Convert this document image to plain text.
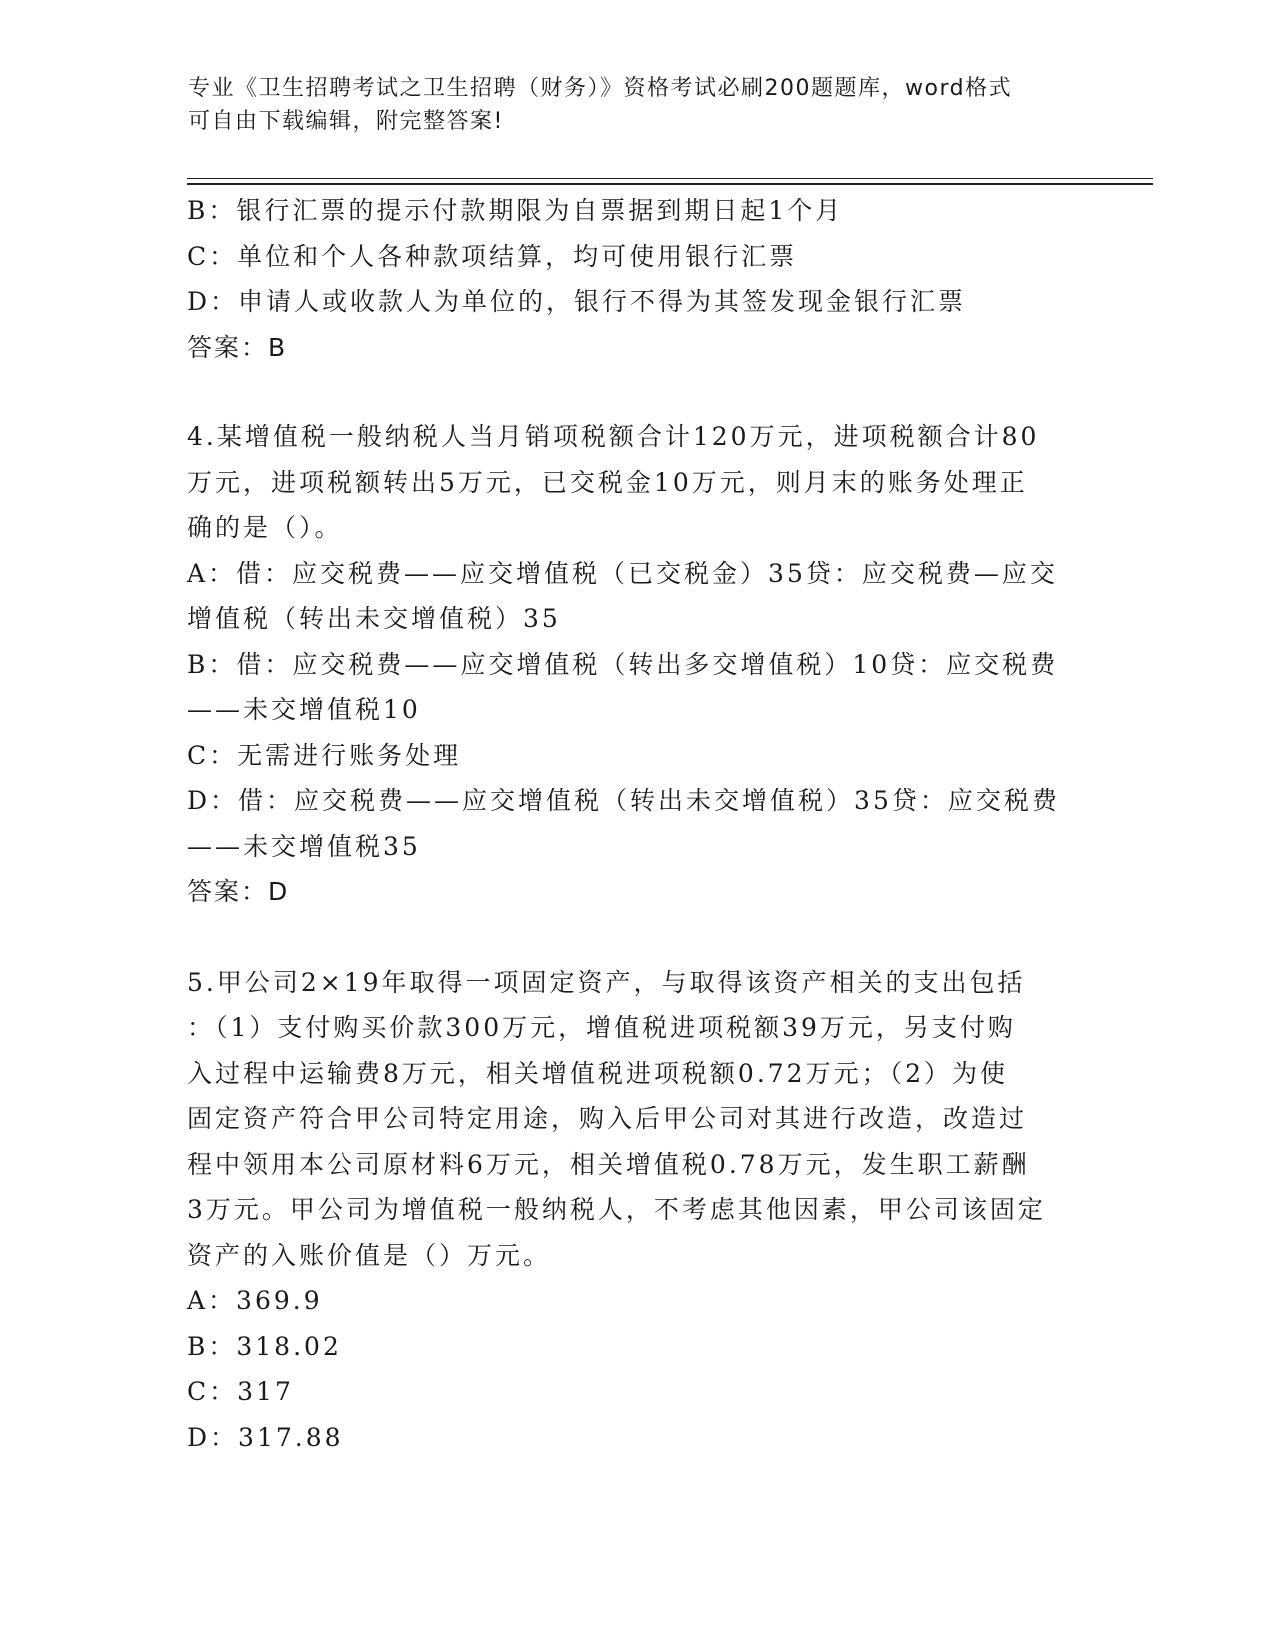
专业《卫生招聘考试之卫生招聘（财务）》资格考试必刷200题题库，word格式
可自由下载编辑，附完整答案!
B：银行汇票的提示付款期限为自票据到期日起1个月
C：单位和个人各种款项结算，均可使用银行汇票
D：申请人或收款人为单位的，银行不得为其签发现金银行汇票
答案：B
4.某增值税一般纳税人当月销项税额合计120万元，进项税额合计80
万元，进项税额转出5万元，已交税金10万元，则月末的账务处理正
确的是（）。
A：借：应交税费——应交增值税（已交税金）35贷：应交税费—应交
增值税（转出未交增值税）35
B：借：应交税费——应交增值税（转出多交增值税）10贷：应交税费
——未交增值税10
C：无需进行账务处理
D：借：应交税费——应交增值税（转出未交增值税）35贷：应交税费
——未交增值税35
答案：D
5.甲公司2×19年取得一项固定资产，与取得该资产相关的支出包括
：（1）支付购买价款300万元，增值税进项税额39万元，另支付购
入过程中运输费8万元，相关增值税进项税额0.72万元；（2）为使
固定资产符合甲公司特定用途，购入后甲公司对其进行改造，改造过
程中领用本公司原材料6万元，相关增值税0.78万元，发生职工薪酬
3万元。甲公司为增值税一般纳税人，不考虑其他因素，甲公司该固定
资产的入账价值是（）万元。
A：369.9
B：318.02
C：317
D：317.88
